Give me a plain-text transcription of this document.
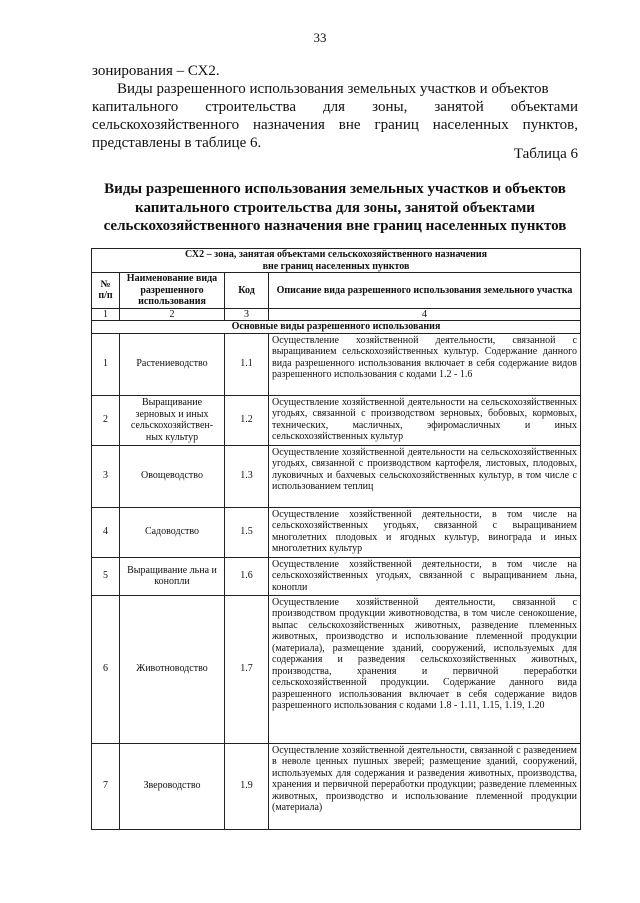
33
зонирования – СХ2.
Виды разрешенного использования земельных участков и объектов
капитального строительства для зоны, занятой объектами
сельскохозяйственного назначения вне границ населенных пунктов,
представлены в таблице 6.
Таблица 6
Виды разрешенного использования земельных участков и объектов
капитального строительства для зоны, занятой объектами
сельскохозяйственного назначения вне границ населенных пунктов
СХ2 – зона, занятая объектами сельскохозяйственного назначения
вне границ населенных пунктов			

№ п/п	Наименование вида разрешенного использования	Код	Описание вида разрешенного использования земельного участка
1	2	3	4
Основные виды разрешенного использования			
1	Растениеводство	1.1	Осуществление хозяйственной деятельности, связанной с выращиванием сельскохозяйственных культур. Содержание данного вида разрешенного использования включает в себя содержание видов разрешенного использования с кодами 1.2 - 1.6
2	Выращивание зерновых и иных сельскохозяйствен-ных культур	1.2	Осуществление хозяйственной деятельности на сельскохозяйственных угодьях, связанной с производством зерновых, бобовых, кормовых, технических, масличных, эфиромасличных и иных сельскохозяйственных культур
3	Овощеводство	1.3	Осуществление хозяйственной деятельности на сельскохозяйственных угодьях, связанной с производством картофеля, листовых, плодовых, луковичных и бахчевых сельскохозяйственных культур, в том числе с использованием теплиц
4	Садоводство	1.5	Осуществление хозяйственной деятельности, в том числе на сельскохозяйственных угодьях, связанной с выращиванием многолетних плодовых и ягодных культур, винограда и иных многолетних культур
5	Выращивание льна и конопли	1.6	Осуществление хозяйственной деятельности, в том числе на сельскохозяйственных угодьях, связанной с выращиванием льна, конопли
6	Животноводство	1.7	Осуществление хозяйственной деятельности, связанной с производством продукции животноводства, в том числе сенокошение, выпас сельскохозяйственных животных, разведение племенных животных, производство и использование племенной продукции (материала), размещение зданий, сооружений, используемых для содержания и разведения сельскохозяйственных животных, производства, хранения и первичной переработки сельскохозяйственной продукции. Содержание данного вида разрешенного использования включает в себя содержание видов разрешенного использования с кодами 1.8 - 1.11, 1.15, 1.19, 1.20
7	Звероводство	1.9	Осуществление хозяйственной деятельности, связанной с разведением в неволе ценных пушных зверей; размещение зданий, сооружений, используемых для содержания и разведения животных, производства, хранения и первичной переработки продукции; разведение племенных животных, производство и использование племенной продукции (материала)
